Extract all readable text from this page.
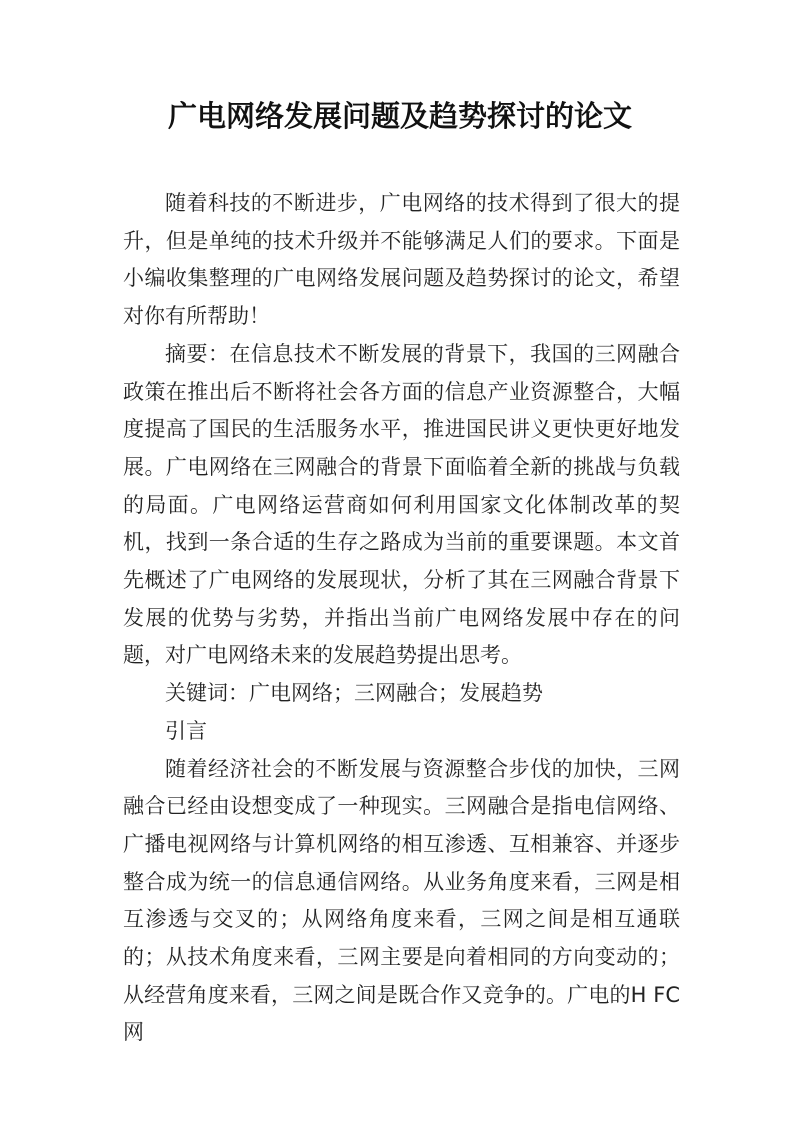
广电网络发展问题及趋势探讨的论文

随着科技的不断进步，广电网络的技术得到了很大的提升，但是单纯的技术升级并不能够满足人们的要求。下面是小编收集整理的广电网络发展问题及趋势探讨的论文，希望对你有所帮助！

摘要：在信息技术不断发展的背景下，我国的三网融合政策在推出后不断将社会各方面的信息产业资源整合，大幅度提高了国民的生活服务水平，推进国民讲义更快更好地发展。广电网络在三网融合的背景下面临着全新的挑战与负载的局面。广电网络运营商如何利用国家文化体制改革的契机，找到一条合适的生存之路成为当前的重要课题。本文首先概述了广电网络的发展现状，分析了其在三网融合背景下发展的优势与劣势，并指出当前广电网络发展中存在的问题，对广电网络未来的发展趋势提出思考。

关键词：广电网络；三网融合；发展趋势

引言

随着经济社会的不断发展与资源整合步伐的加快，三网融合已经由设想变成了一种现实。三网融合是指电信网络、广播电视网络与计算机网络的相互渗透、互相兼容、并逐步整合成为统一的信息通信网络。从业务角度来看，三网是相互渗透与交叉的；从网络角度来看，三网之间是相互通联的；从技术角度来看，三网主要是向着相同的方向变动的；从经营角度来看，三网之间是既合作又竞争的。广电的H FC 网
